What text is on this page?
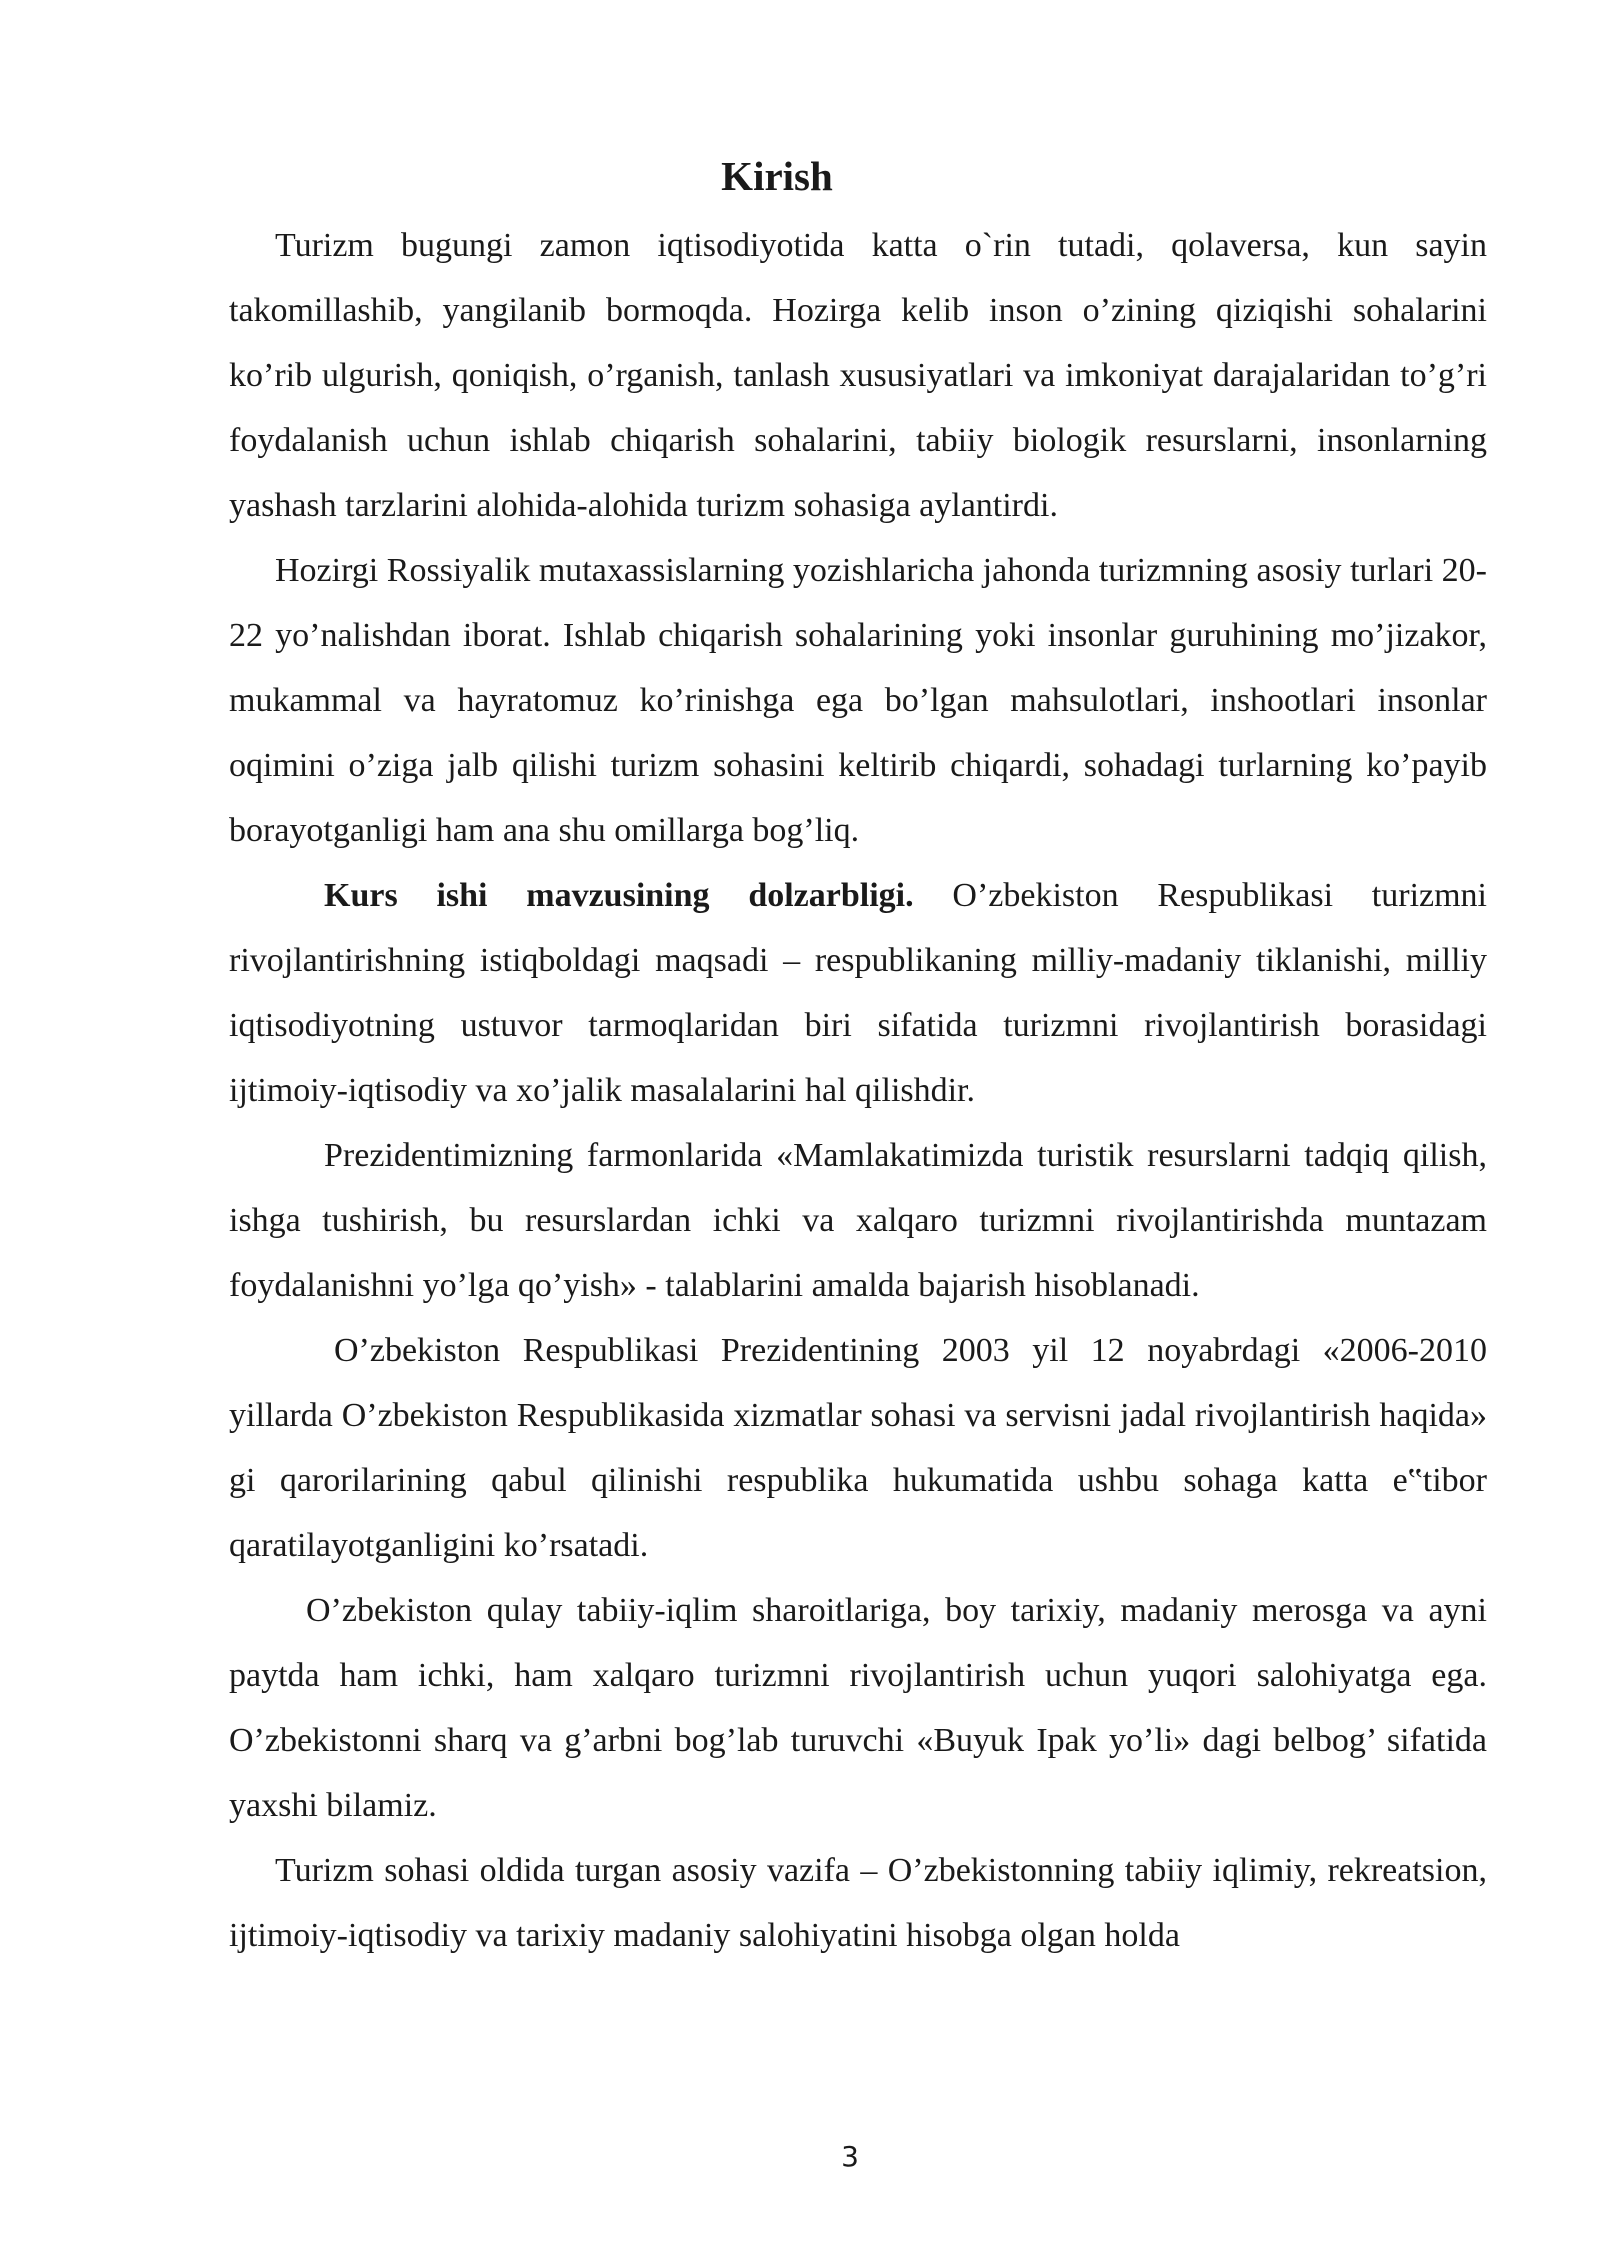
Kirish

Turizm bugungi zamon iqtisodiyotida katta o`rin tutadi, qolaversa, kun sayin takomillashib, yangilanib bormoqda. Hozirga kelib inson o’zining qiziqishi sohalarini ko’rib ulgurish, qoniqish, o’rganish, tanlash xususiyatlari va imkoniyat darajalaridan to’g’ri foydalanish uchun ishlab chiqarish sohalarini, tabiiy biologik resurslarni, insonlarning yashash tarzlarini alohida-alohida turizm sohasiga aylantirdi.

Hozirgi Rossiyalik mutaxassislarning yozishlaricha jahonda turizmning asosiy turlari 20-22 yo’nalishdan iborat. Ishlab chiqarish sohalarining yoki insonlar guruhining mo’jizakor, mukammal va hayratomuz ko’rinishga ega bo’lgan mahsulotlari, inshootlari insonlar oqimini o’ziga jalb qilishi turizm sohasini keltirib chiqardi, sohadagi turlarning ko’payib borayotganligi ham ana shu omillarga bog’liq.

Kurs ishi mavzusining dolzarbligi. O’zbekiston Respublikasi turizmni rivojlantirishning istiqboldagi maqsadi – respublikaning milliy-madaniy tiklanishi, milliy iqtisodiyotning ustuvor tarmoqlaridan biri sifatida turizmni rivojlantirish borasidagi ijtimoiy-iqtisodiy va xo’jalik masalalarini hal qilishdir.

Prezidentimizning farmonlarida «Mamlakatimizda turistik resurslarni tadqiq qilish, ishga tushirish, bu resurslardan ichki va xalqaro turizmni rivojlantirishda muntazam foydalanishni yo’lga qo’yish» - talablarini amalda bajarish hisoblanadi.

O’zbekiston Respublikasi Prezidentining 2003 yil 12 noyabrdagi «2006-2010 yillarda O’zbekiston Respublikasida xizmatlar sohasi va servisni jadal rivojlantirish haqida» gi qarorilarining qabul qilinishi respublika hukumatida ushbu sohaga katta e‟tibor qaratilayotganligini ko’rsatadi.

O’zbekiston qulay tabiiy-iqlim sharoitlariga, boy tarixiy, madaniy merosga va ayni paytda ham ichki, ham xalqaro turizmni rivojlantirish uchun yuqori salohiyatga ega. O’zbekistonni sharq va g’arbni bog’lab turuvchi «Buyuk Ipak yo’li» dagi belbog’ sifatida yaxshi bilamiz.

Turizm sohasi oldida turgan asosiy vazifa – O’zbekistonning tabiiy iqlimiy, rekreatsion, ijtimoiy-iqtisodiy va tarixiy madaniy salohiyatini hisobga olgan holda

3
